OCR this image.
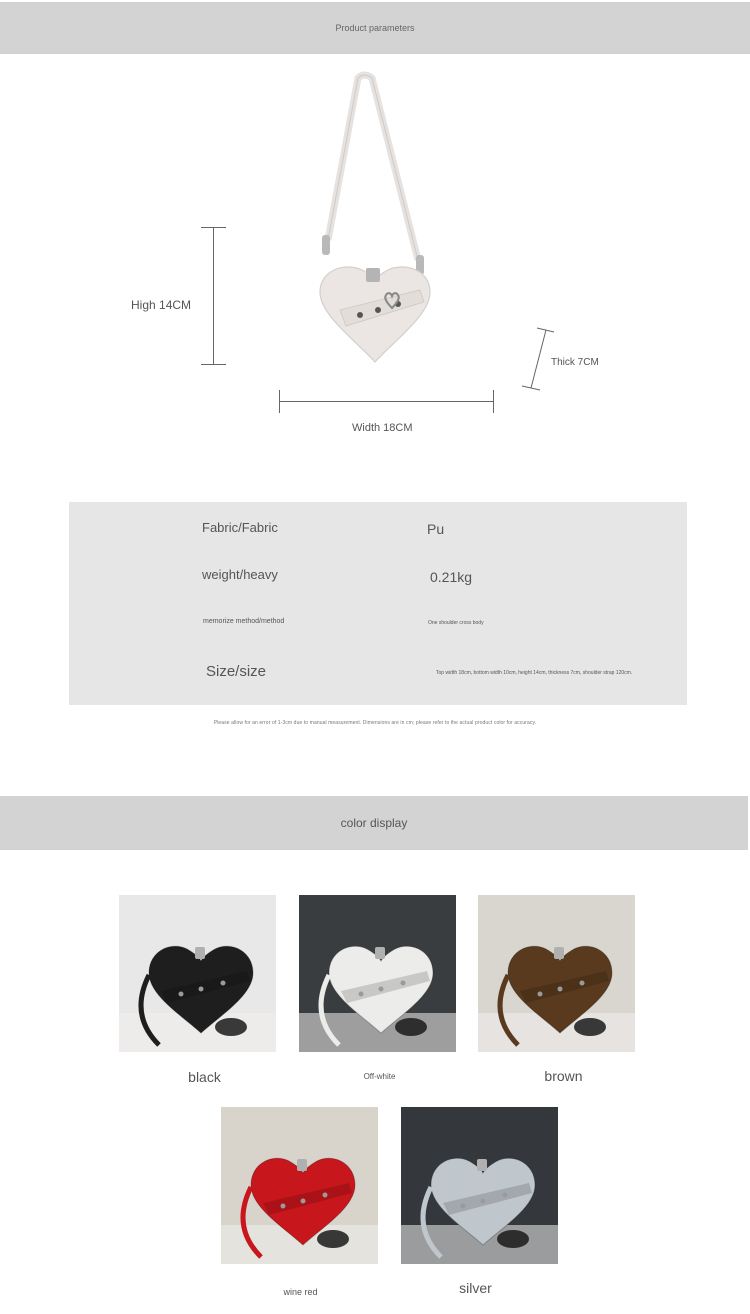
Product parameters
High 14CM
Width 18CM
Thick 7CM
Fabric/Fabric	Pu
weight/heavy	0.21kg
memorize method/method	One shoulder cross body
Size/size	Top width 18cm, bottom width 10cm, height 14cm, thickness 7cm, shoulder strap 120cm.
Please allow for an error of 1-3cm due to manual measurement. Dimensions are in cm; please refer to the actual product color for accuracy.
color display
black	Off-white	brown
wine red	silver
